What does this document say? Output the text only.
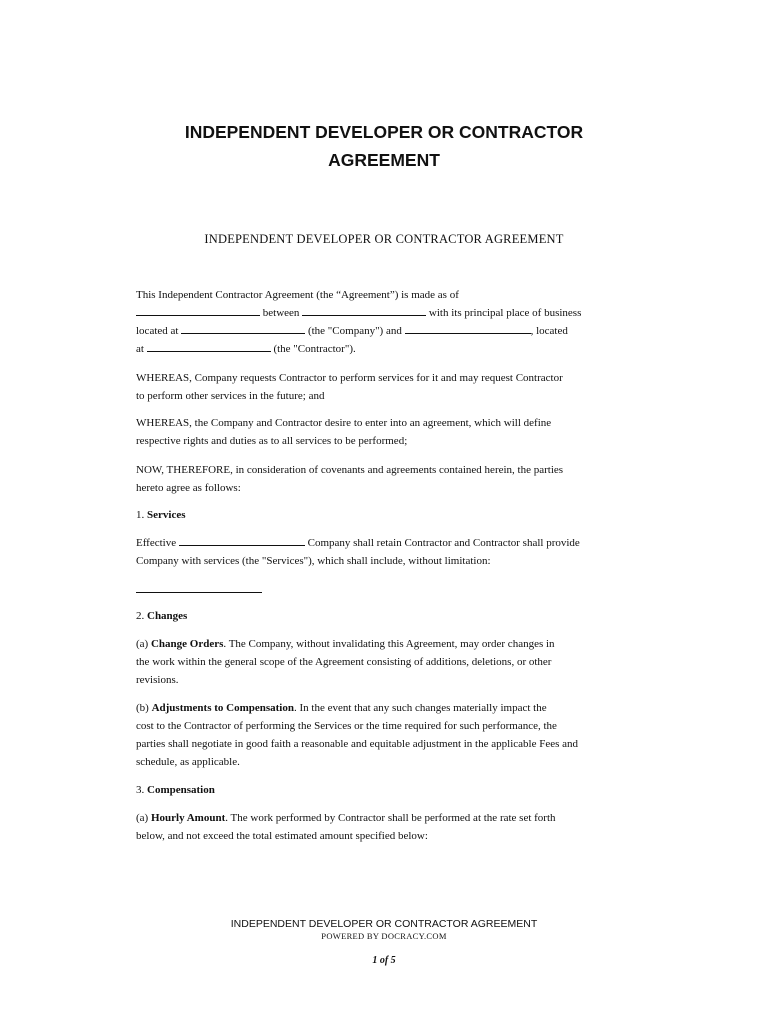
INDEPENDENT DEVELOPER OR CONTRACTOR
AGREEMENT
INDEPENDENT DEVELOPER OR CONTRACTOR AGREEMENT
This Independent Contractor Agreement (the “Agreement”) is made as of
between	with its principal place of business
located at	(the "Company") and	, located
at	(the "Contractor").
WHEREAS, Company requests Contractor to perform services for it and may request Contractor
to perform other services in the future; and
WHEREAS, the Company and Contractor desire to enter into an agreement, which will define
respective rights and duties as to all services to be performed;
NOW, THEREFORE, in consideration of covenants and agreements contained herein, the parties
hereto agree as follows:
1. Services
Effective	Company shall retain Contractor and Contractor shall provide
Company with services (the "Services"), which shall include, without limitation:
2. Changes
(a) Change Orders. The Company, without invalidating this Agreement, may order changes in
the work within the general scope of the Agreement consisting of additions, deletions, or other
revisions.
(b) Adjustments to Compensation. In the event that any such changes materially impact the
cost to the Contractor of performing the Services or the time required for such performance, the
parties shall negotiate in good faith a reasonable and equitable adjustment in the applicable Fees and
schedule, as applicable.
3. Compensation
(a) Hourly Amount. The work performed by Contractor shall be performed at the rate set forth
below, and not exceed the total estimated amount specified below:
INDEPENDENT DEVELOPER OR CONTRACTOR AGREEMENT
POWERED BY DOCRACY.COM
1 of 5
